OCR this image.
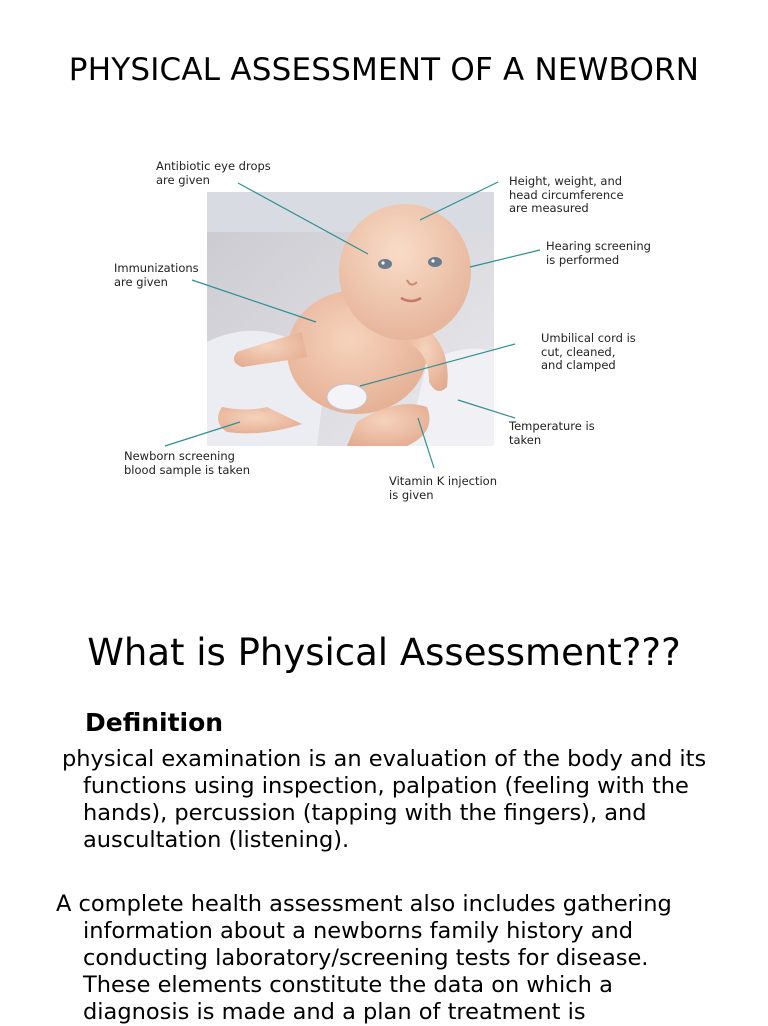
PHYSICAL ASSESSMENT OF A NEWBORN
Antibiotic eye drops
are given	Height, weight, and
head circumference
are measured
Hearing screening
is performed
Immunizations
are given
Umbilical cord is
cut, cleaned,
and clamped
Temperature is
taken
Newborn screening
blood sample is taken
Vitamin K injection
is given
What is Physical Assessment???
Definition

physical examination is an evaluation of the body and its functions using inspection, palpation (feeling with the hands), percussion (tapping with the fingers), and auscultation (listening).

A complete health assessment also includes gathering information about a newborns family history and conducting laboratory/screening tests for disease. These elements constitute the data on which a diagnosis is made and a plan of treatment is
